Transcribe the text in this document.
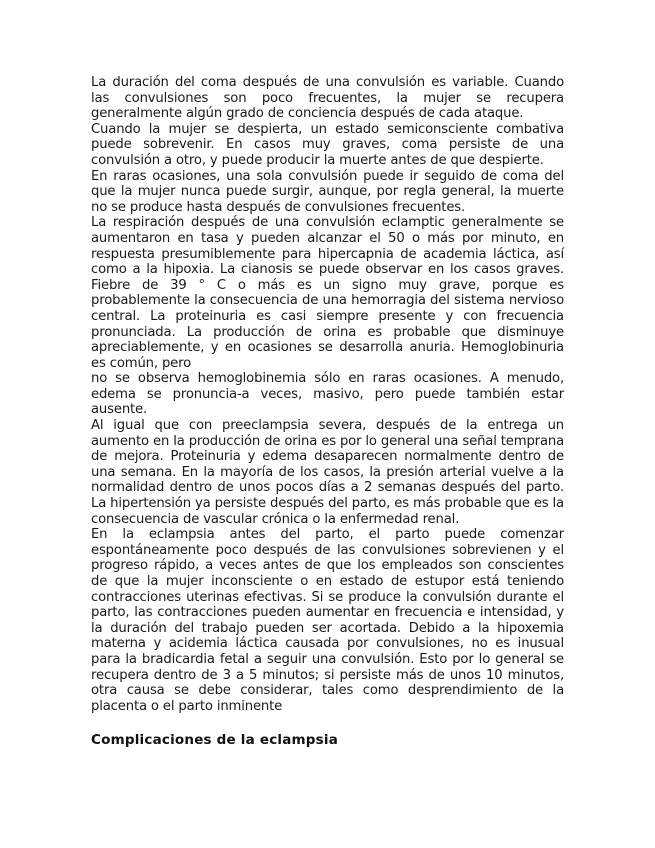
La duración del coma después de una convulsión es variable. Cuando las convulsiones son poco frecuentes, la mujer se recupera generalmente algún grado de conciencia después de cada ataque.

Cuando la mujer se despierta, un estado semiconsciente combativa puede sobrevenir. En casos muy graves, coma persiste de una convulsión a otro, y puede producir la muerte antes de que despierte.

En raras ocasiones, una sola convulsión puede ir seguido de coma del que la mujer nunca puede surgir, aunque, por regla general, la muerte no se produce hasta después de convulsiones frecuentes.

La respiración después de una convulsión eclamptic generalmente se aumentaron en tasa y pueden alcanzar el 50 o más por minuto, en respuesta presumiblemente para hipercapnia de academia láctica, así como a la hipoxia. La cianosis se puede observar en los casos graves. Fiebre de 39 ° C o más es un signo muy grave, porque es probablemente la consecuencia de una hemorragia del sistema nervioso central. La proteinuria es casi siempre presente y con frecuencia pronunciada. La producción de orina es probable que disminuye apreciablemente, y en ocasiones se desarrolla anuria. Hemoglobinuria es común, pero

no se observa hemoglobinemia sólo en raras ocasiones. A menudo, edema se pronuncia-a veces, masivo, pero puede también estar ausente.

Al igual que con preeclampsia severa, después de la entrega un aumento en la producción de orina es por lo general una señal temprana de mejora. Proteinuria y edema desaparecen normalmente dentro de una semana. En la mayoría de los casos, la presión arterial vuelve a la normalidad dentro de unos pocos días a 2 semanas después del parto. La hipertensión ya persiste después del parto, es más probable que es la consecuencia de vascular crónica o la enfermedad renal.

En la eclampsia antes del parto, el parto puede comenzar espontáneamente poco después de las convulsiones sobrevienen y el progreso rápido, a veces antes de que los empleados son conscientes de que la mujer inconsciente o en estado de estupor está teniendo contracciones uterinas efectivas. Si se produce la convulsión durante el parto, las contracciones pueden aumentar en frecuencia e intensidad, y la duración del trabajo pueden ser acortada. Debido a la hipoxemia materna y acidemia láctica causada por convulsiones, no es inusual para la bradicardia fetal a seguir una convulsión. Esto por lo general se recupera dentro de 3 a 5 minutos; si persiste más de unos 10 minutos, otra causa se debe considerar, tales como desprendimiento de la placenta o el parto inminente

Complicaciones de la eclampsia
